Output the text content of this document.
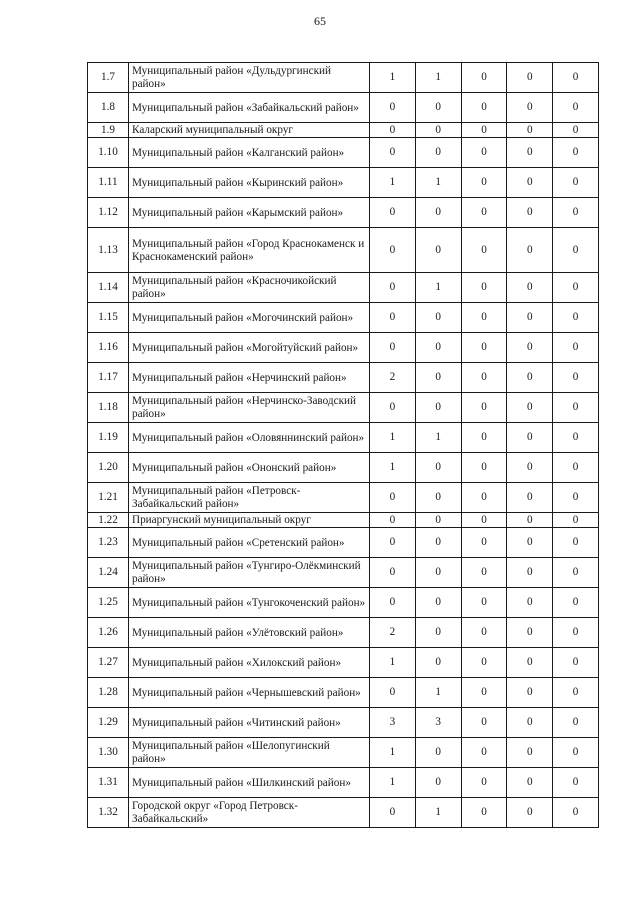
65
1.7	Муниципальный район «Дульдургинский район»	1	1	0	0	0
1.8	Муниципальный район «Забайкальский район»	0	0	0	0	0
1.9	Каларский муниципальный округ	0	0	0	0	0
1.10	Муниципальный район «Калганский район»	0	0	0	0	0
1.11	Муниципальный район «Кыринский район»	1	1	0	0	0
1.12	Муниципальный район «Карымский район»	0	0	0	0	0
1.13	Муниципальный район «Город Краснокаменск и Краснокаменский район»	0	0	0	0	0
1.14	Муниципальный район «Красночикойский район»	0	1	0	0	0
1.15	Муниципальный район «Могочинский район»	0	0	0	0	0
1.16	Муниципальный район «Могойтуйский район»	0	0	0	0	0
1.17	Муниципальный район «Нерчинский район»	2	0	0	0	0
1.18	Муниципальный район «Нерчинско-Заводский район»	0	0	0	0	0
1.19	Муниципальный район «Оловяннинский район»	1	1	0	0	0
1.20	Муниципальный район «Ононский район»	1	0	0	0	0
1.21	Муниципальный район «Петровск-Забайкальский район»	0	0	0	0	0
1.22	Приаргунский муниципальный округ	0	0	0	0	0
1.23	Муниципальный район «Сретенский район»	0	0	0	0	0
1.24	Муниципальный район «Тунгиро-Олёкминский район»	0	0	0	0	0
1.25	Муниципальный район «Тунгокоченский район»	0	0	0	0	0
1.26	Муниципальный район «Улётовский район»	2	0	0	0	0
1.27	Муниципальный район «Хилокский район»	1	0	0	0	0
1.28	Муниципальный район «Чернышевский район»	0	1	0	0	0
1.29	Муниципальный район «Читинский район»	3	3	0	0	0
1.30	Муниципальный район «Шелопугинский район»	1	0	0	0	0
1.31	Муниципальный район «Шилкинский район»	1	0	0	0	0
1.32	Городской округ «Город Петровск-Забайкальский»	0	1	0	0	0
